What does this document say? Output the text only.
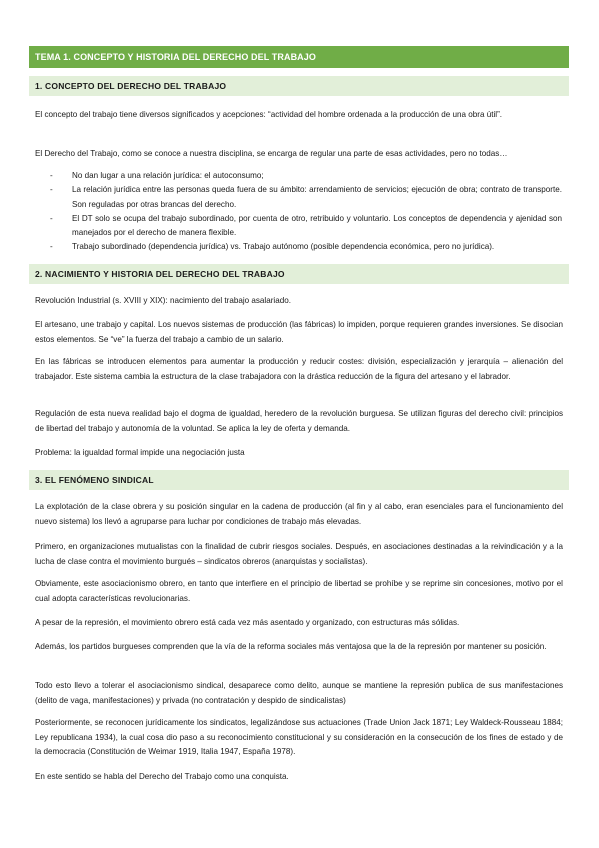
TEMA 1. CONCEPTO Y HISTORIA DEL DERECHO DEL TRABAJO
1. CONCEPTO DEL DERECHO DEL TRABAJO

El concepto del trabajo tiene diversos significados y acepciones: “actividad del hombre ordenada a la producción de una obra útil”.

El Derecho del Trabajo, como se conoce a nuestra disciplina, se encarga de regular una parte de esas actividades, pero no todas…

- No dan lugar a una relación jurídica: el autoconsumo;
- La relación jurídica entre las personas queda fuera de su ámbito: arrendamiento de servicios; ejecución de obra; contrato de transporte. Son reguladas por otras brancas del derecho.
- El DT solo se ocupa del trabajo subordinado, por cuenta de otro, retribuido y voluntario. Los conceptos de dependencia y ajenidad son manejados por el derecho de manera flexible.
- Trabajo subordinado (dependencia jurídica) vs. Trabajo autónomo (posible dependencia económica, pero no jurídica).
2. NACIMIENTO Y HISTORIA DEL DERECHO DEL TRABAJO

Revolución Industrial (s. XVIII y XIX): nacimiento del trabajo asalariado.

El artesano, une trabajo y capital. Los nuevos sistemas de producción (las fábricas) lo impiden, porque requieren grandes inversiones. Se disocian estos elementos. Se “ve” la fuerza del trabajo a cambio de un salario.

En las fábricas se introducen elementos para aumentar la producción y reducir costes: división, especialización y jerarquía – alienación del trabajador. Este sistema cambia la estructura de la clase trabajadora con la drástica reducción de la figura del artesano y el labrador.

Regulación de esta nueva realidad bajo el dogma de igualdad, heredero de la revolución burguesa. Se utilizan figuras del derecho civil: principios de libertad del trabajo y autonomía de la voluntad. Se aplica la ley de oferta y demanda.

Problema: la igualdad formal impide una negociación justa

3. EL FENÓMENO SINDICAL

La explotación de la clase obrera y su posición singular en la cadena de producción (al fin y al cabo, eran esenciales para el funcionamiento del nuevo sistema) los llevó a agruparse para luchar por condiciones de trabajo más elevadas.

Primero, en organizaciones mutualistas con la finalidad de cubrir riesgos sociales. Después, en asociaciones destinadas a la reivindicación y a la lucha de clase contra el movimiento burgués – sindicatos obreros (anarquistas y socialistas).

Obviamente, este asociacionismo obrero, en tanto que interfiere en el principio de libertad se prohíbe y se reprime sin concesiones, motivo por el cual adopta características revolucionarias.

A pesar de la represión, el movimiento obrero está cada vez más asentado y organizado, con estructuras más sólidas.

Además, los partidos burgueses comprenden que la vía de la reforma sociales más ventajosa que la de la represión por mantener su posición.

Todo esto llevo a tolerar el asociacionismo sindical, desaparece como delito, aunque se mantiene la represión publica de sus manifestaciones (delito de vaga, manifestaciones) y privada (no contratación y despido de sindicalistas)

Posteriormente, se reconocen jurídicamente los sindicatos, legalizándose sus actuaciones (Trade Union Jack 1871; Ley Waldeck-Rousseau 1884; Ley republicana 1934), la cual cosa dio paso a su reconocimiento constitucional y su consideración en la consecución de los fines de estado y de la democracia (Constitución de Weimar 1919, Italia 1947, España 1978).

En este sentido se habla del Derecho del Trabajo como una conquista.
